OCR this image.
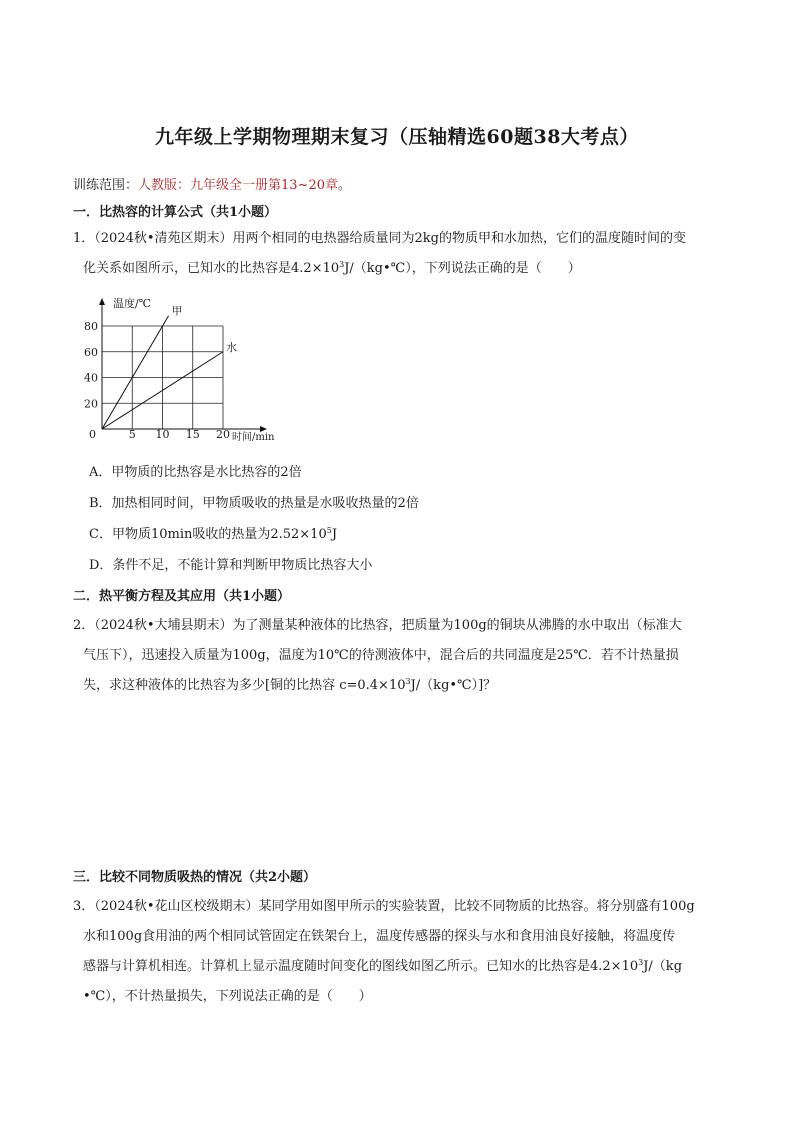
九年级上学期物理期末复习（压轴精选60题38大考点）
训练范围：人教版：九年级全一册第13~20章。
一．比热容的计算公式（共1小题）
1．（2024秋•清苑区期末）用两个相同的电热器给质量同为2kg的物质甲和水加热，它们的温度随时间的变
化关系如图所示，已知水的比热容是$4.2\times 10^3J/(kg•℃)$，下列说法正确的是（　　）
0	5 10 15 20
20
40
60
80
甲
水
温度/℃
时间/min
A．甲物质的比热容是水比热容的2倍
B．加热相同时间，甲物质吸收的热量是水吸收热量的2倍
C．甲物质10min吸收的热量为$2.52\times 10^5J$
D．条件不足，不能计算和判断甲物质比热容大小
二．热平衡方程及其应用（共1小题）
2．（2024秋•大埔县期末）为了测量某种液体的比热容，把质量为100g的铜块从沸腾的水中取出（标准大
气压下），迅速投入质量为100g，温度为10℃的待测液体中，混合后的共同温度是25℃．若不计热量损
失，求这种液体的比热容为多少[铜的比热容 $c=0.4\times 10^3J/(kg•℃)$]？
三．比较不同物质吸热的情况（共2小题）
3．（2024秋•花山区校级期末）某同学用如图甲所示的实验装置，比较不同物质的比热容。将分别盛有100g
水和100g食用油的两个相同试管固定在铁架台上，温度传感器的探头与水和食用油良好接触，将温度传
感器与计算机相连。计算机上显示温度随时间变化的图线如图乙所示。已知水的比热容是$4.2\times 10^3J/(kg$
•℃），不计热量损失，下列说法正确的是（　　）
